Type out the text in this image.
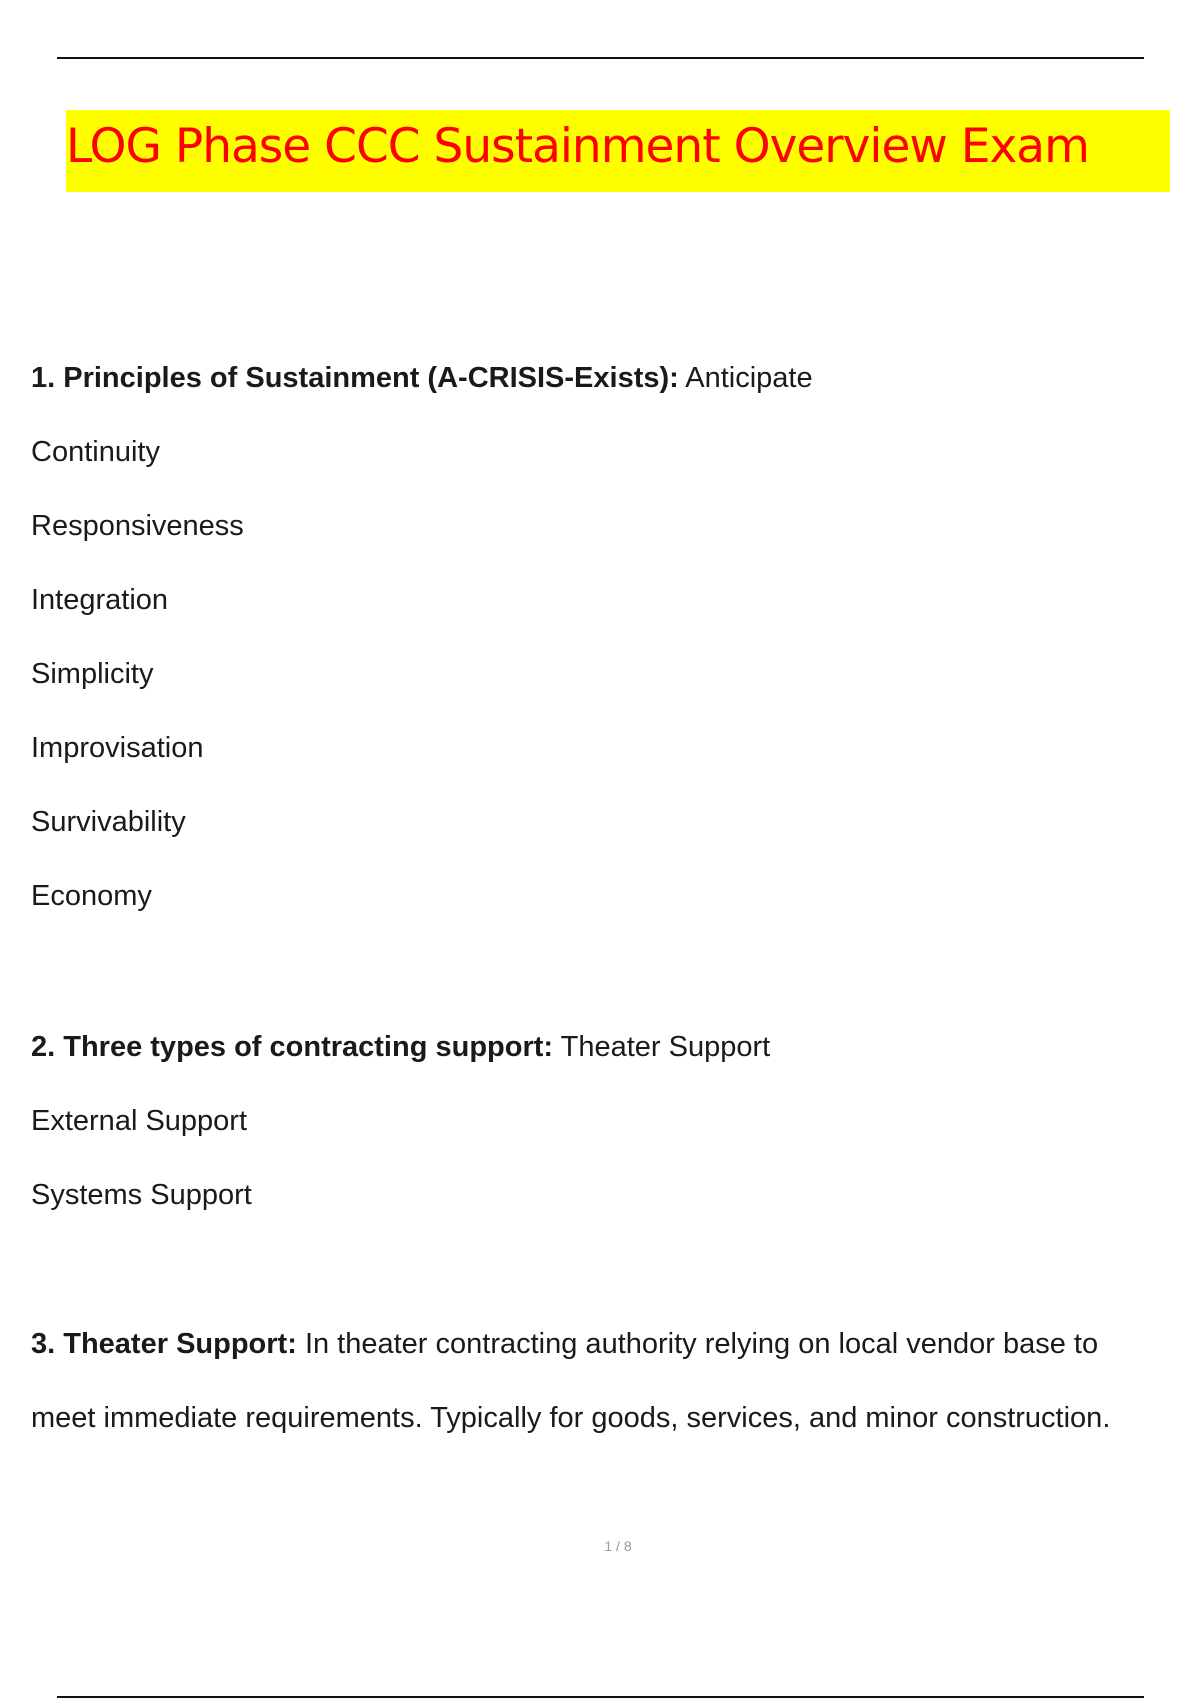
LOG Phase CCC Sustainment Overview Exam
1. Principles of Sustainment (A-CRISIS-Exists): Anticipate
Continuity
Responsiveness
Integration
Simplicity
Improvisation
Survivability
Economy
2. Three types of contracting support: Theater Support
External Support
Systems Support
3. Theater Support: In theater contracting authority relying on local vendor base to
meet immediate requirements. Typically for goods, services, and minor construction.
1 / 8
